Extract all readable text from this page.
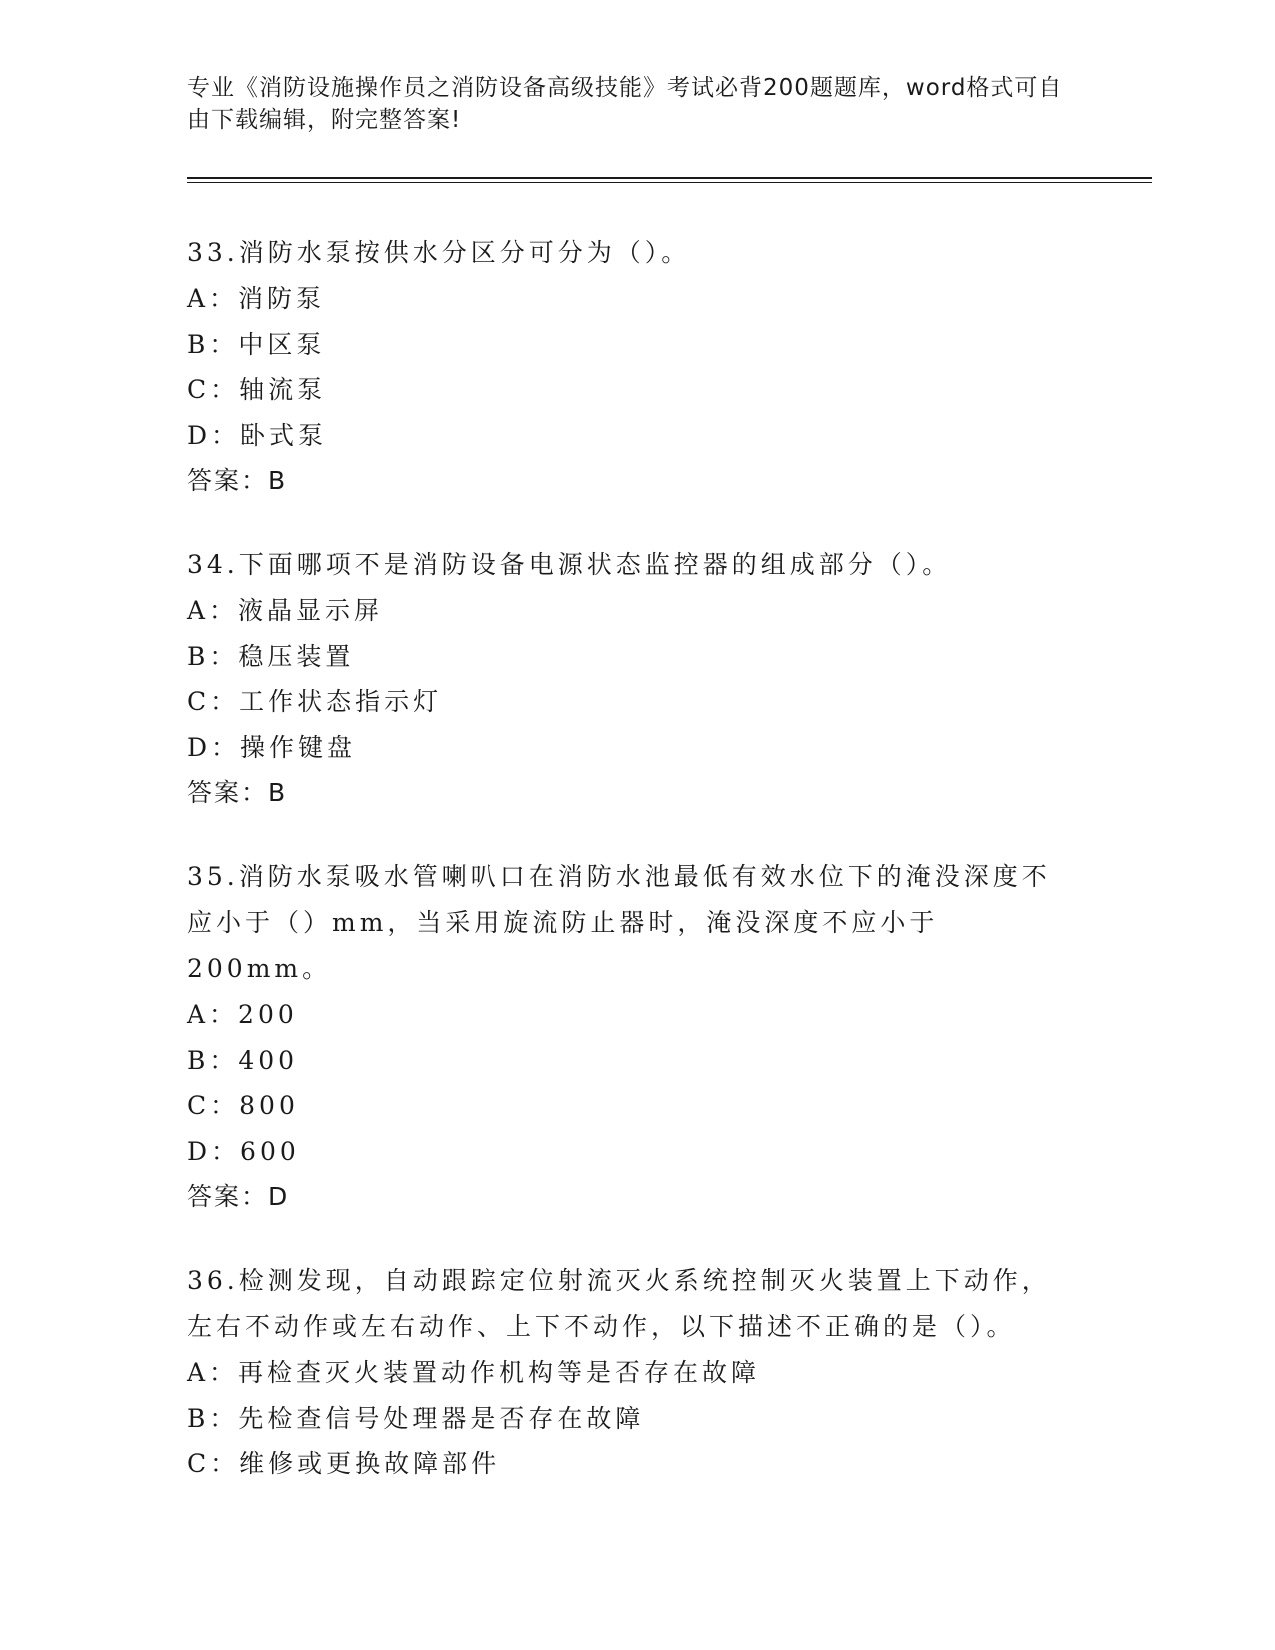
专业《消防设施操作员之消防设备高级技能》考试必背200题题库，word格式可自由下载编辑，附完整答案!

33.消防水泵按供水分区分可分为（）。

A：消防泵

B：中区泵

C：轴流泵

D：卧式泵

答案：B

34.下面哪项不是消防设备电源状态监控器的组成部分（）。

A：液晶显示屏

B：稳压装置

C：工作状态指示灯

D：操作键盘

答案：B

35.消防水泵吸水管喇叭口在消防水池最低有效水位下的淹没深度不应小于（）mm，当采用旋流防止器时，淹没深度不应小于200mm。

A：200

B：400

C：800

D：600

答案：D

36.检测发现，自动跟踪定位射流灭火系统控制灭火装置上下动作，左右不动作或左右动作、上下不动作，以下描述不正确的是（）。

A：再检查灭火装置动作机构等是否存在故障

B：先检查信号处理器是否存在故障

C：维修或更换故障部件
